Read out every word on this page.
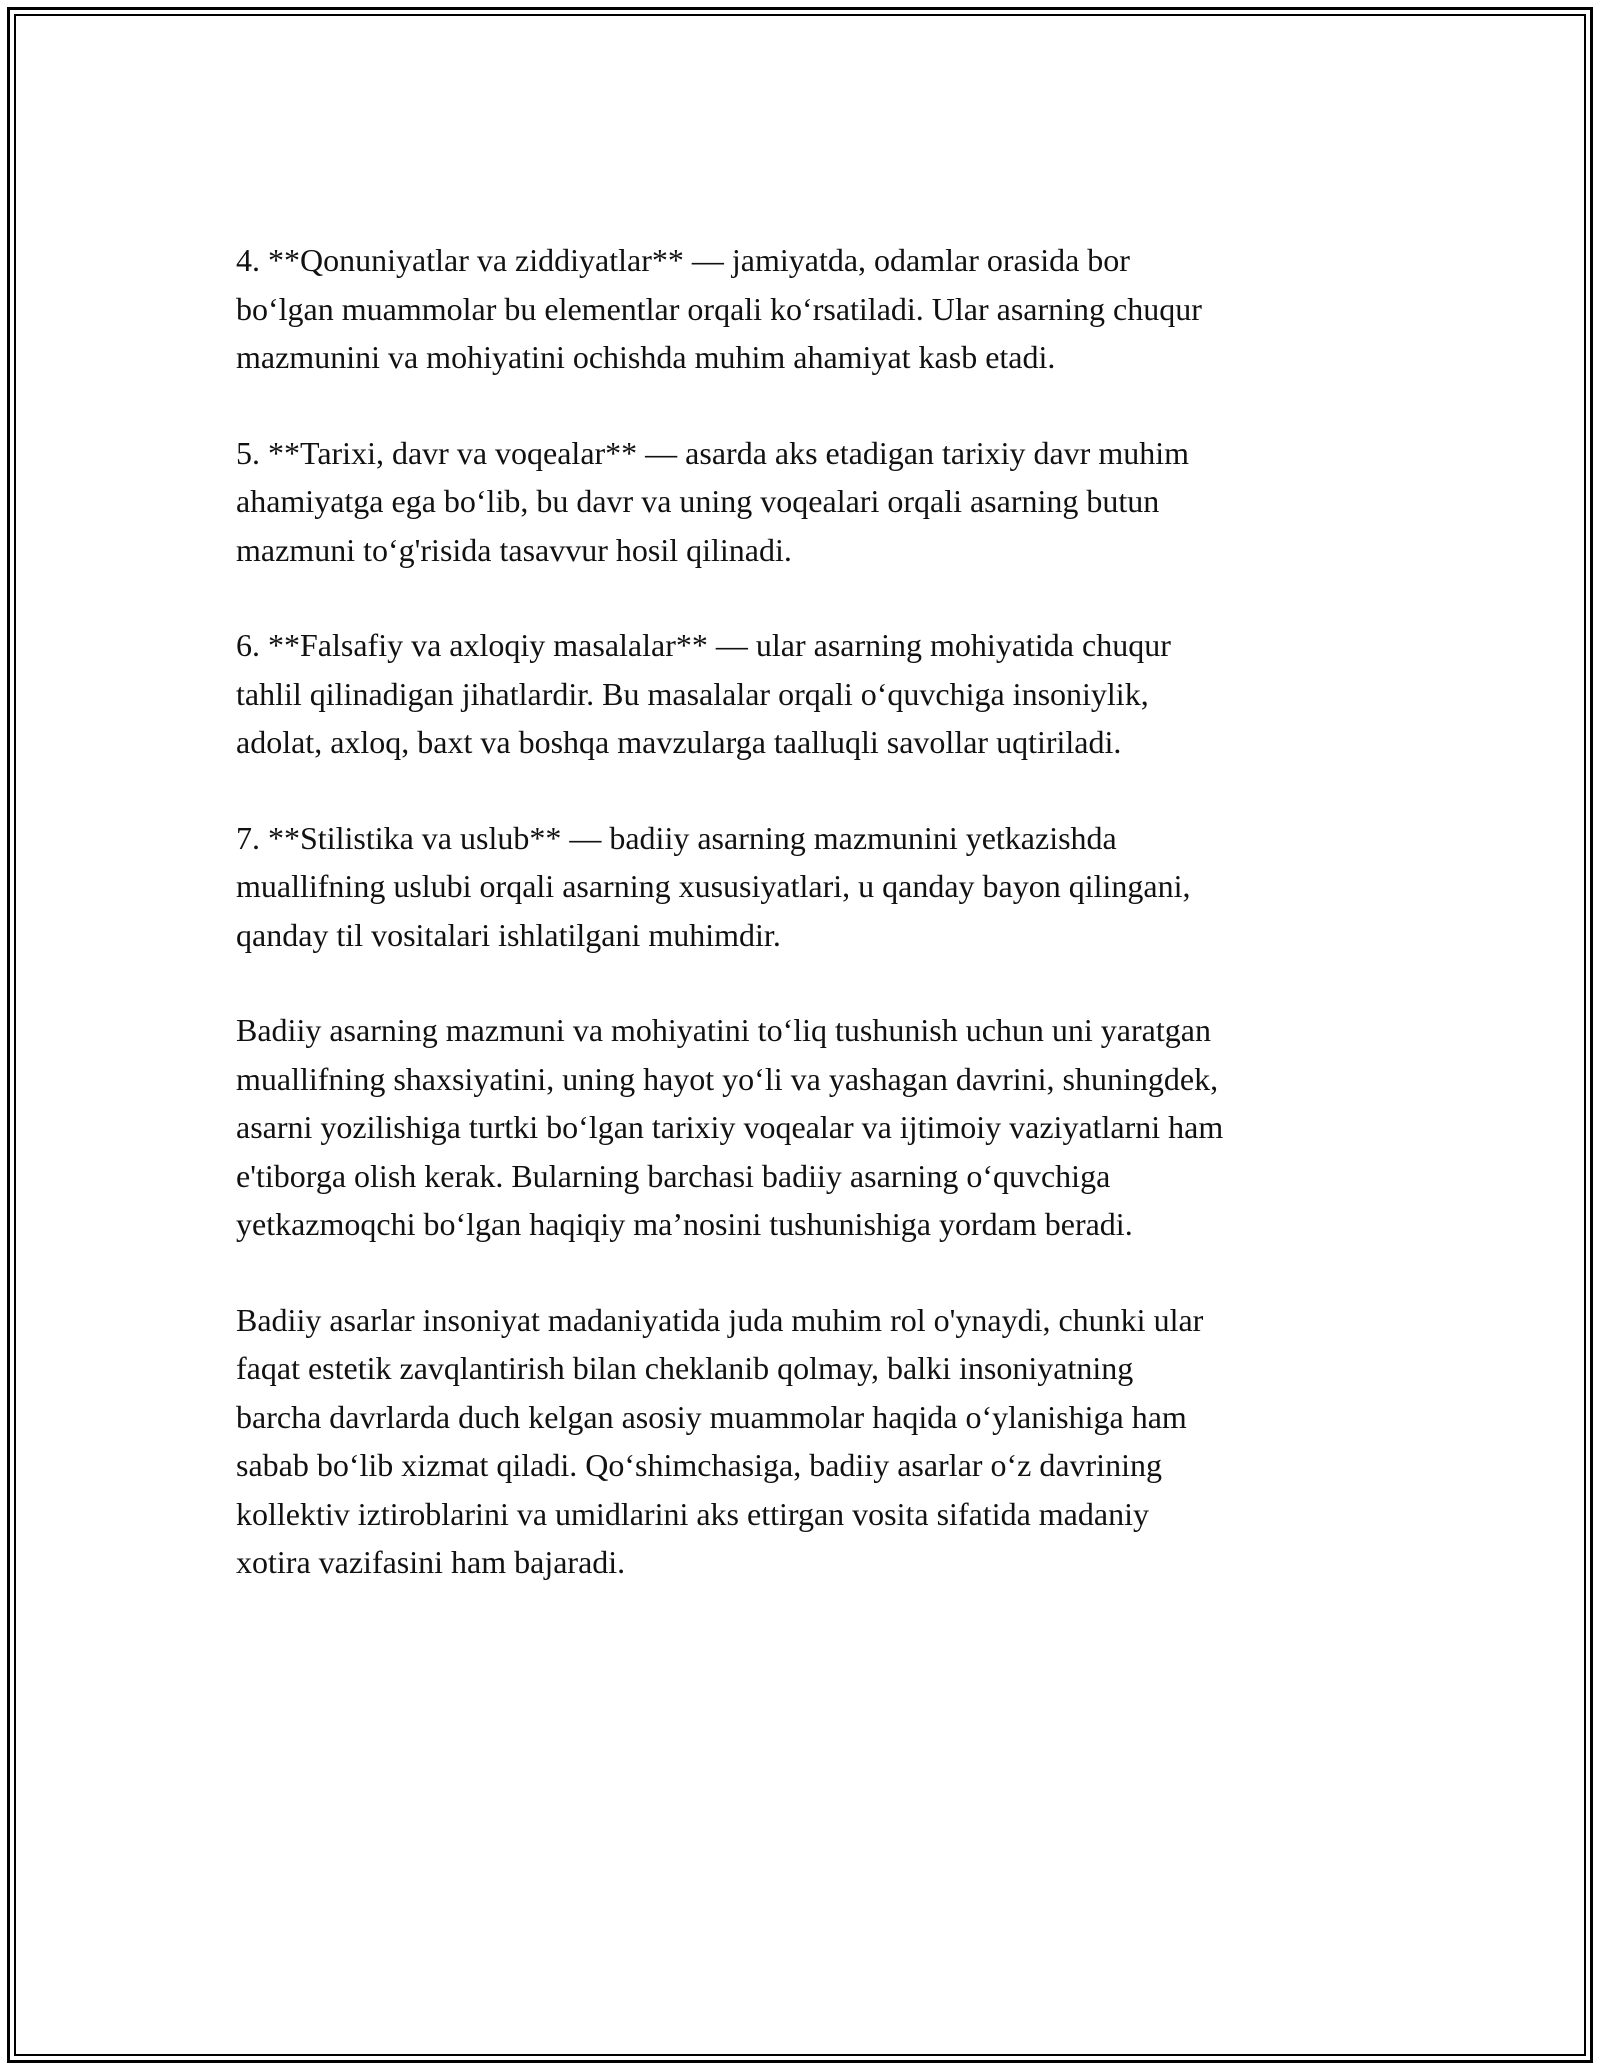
4. **Qonuniyatlar va ziddiyatlar** — jamiyatda, odamlar orasida bor
bo‘lgan muammolar bu elementlar orqali ko‘rsatiladi. Ular asarning chuqur
mazmunini va mohiyatini ochishda muhim ahamiyat kasb etadi.

5. **Tarixi, davr va voqealar** — asarda aks etadigan tarixiy davr muhim
ahamiyatga ega bo‘lib, bu davr va uning voqealari orqali asarning butun
mazmuni to‘g'risida tasavvur hosil qilinadi.

6. **Falsafiy va axloqiy masalalar** — ular asarning mohiyatida chuqur
tahlil qilinadigan jihatlardir. Bu masalalar orqali o‘quvchiga insoniylik,
adolat, axloq, baxt va boshqa mavzularga taalluqli savollar uqtiriladi.

7. **Stilistika va uslub** — badiiy asarning mazmunini yetkazishda
muallifning uslubi orqali asarning xususiyatlari, u qanday bayon qilingani,
qanday til vositalari ishlatilgani muhimdir.

Badiiy asarning mazmuni va mohiyatini to‘liq tushunish uchun uni yaratgan
muallifning shaxsiyatini, uning hayot yo‘li va yashagan davrini, shuningdek,
asarni yozilishiga turtki bo‘lgan tarixiy voqealar va ijtimoiy vaziyatlarni ham
e'tiborga olish kerak. Bularning barchasi badiiy asarning o‘quvchiga
yetkazmoqchi bo‘lgan haqiqiy ma’nosini tushunishiga yordam beradi.

Badiiy asarlar insoniyat madaniyatida juda muhim rol o'ynaydi, chunki ular
faqat estetik zavqlantirish bilan cheklanib qolmay, balki insoniyatning
barcha davrlarda duch kelgan asosiy muammolar haqida o‘ylanishiga ham
sabab bo‘lib xizmat qiladi. Qo‘shimchasiga, badiiy asarlar o‘z davrining
kollektiv iztiroblarini va umidlarini aks ettirgan vosita sifatida madaniy
xotira vazifasini ham bajaradi.
